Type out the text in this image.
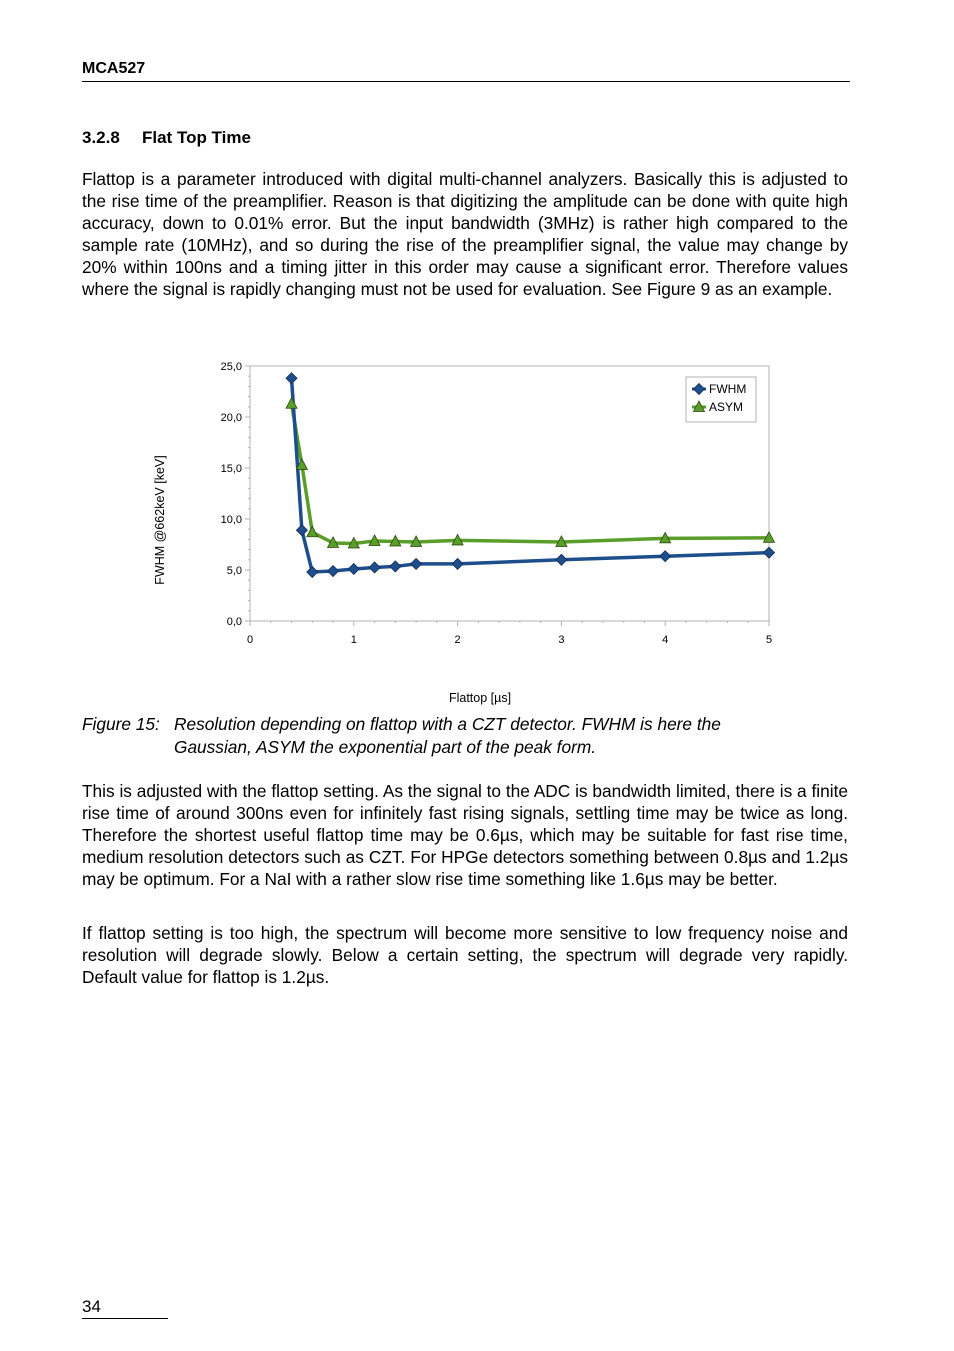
MCA527
3.2.8 Flat Top Time

Flattop is a parameter introduced with digital multi-channel analyzers. Basically this is adjusted to the rise time of the preamplifier. Reason is that digitizing the amplitude can be done with quite high accuracy, down to 0.01% error. But the input bandwidth (3MHz) is rather high compared to the sample rate (10MHz), and so during the rise of the preamplifier signal, the value may change by 20% within 100ns and a timing jitter in this order may cause a significant error. Therefore values where the signal is rapidly changing must not be used for evaluation. See Figure 9 as an example.

0,0
5,0
10,0
15,0
20,0
25,0
0	1	2	3	4	5
Flattop [µs]
FWHM @662keV [keV]
FWHM
ASYM
Figure 15: Resolution depending on flattop with a CZT detector. FWHM is here the
Gaussian, ASYM the exponential part of the peak form.

This is adjusted with the flattop setting. As the signal to the ADC is bandwidth limited, there is a finite rise time of around 300ns even for infinitely fast rising signals, settling time may be twice as long. Therefore the shortest useful flattop time may be 0.6µs, which may be suitable for fast rise time, medium resolution detectors such as CZT. For HPGe detectors something between 0.8µs and 1.2µs may be optimum. For a NaI with a rather slow rise time something like 1.6µs may be better.

If flattop setting is too high, the spectrum will become more sensitive to low frequency noise and resolution will degrade slowly. Below a certain setting, the spectrum will degrade very rapidly. Default value for flattop is 1.2µs.

34
